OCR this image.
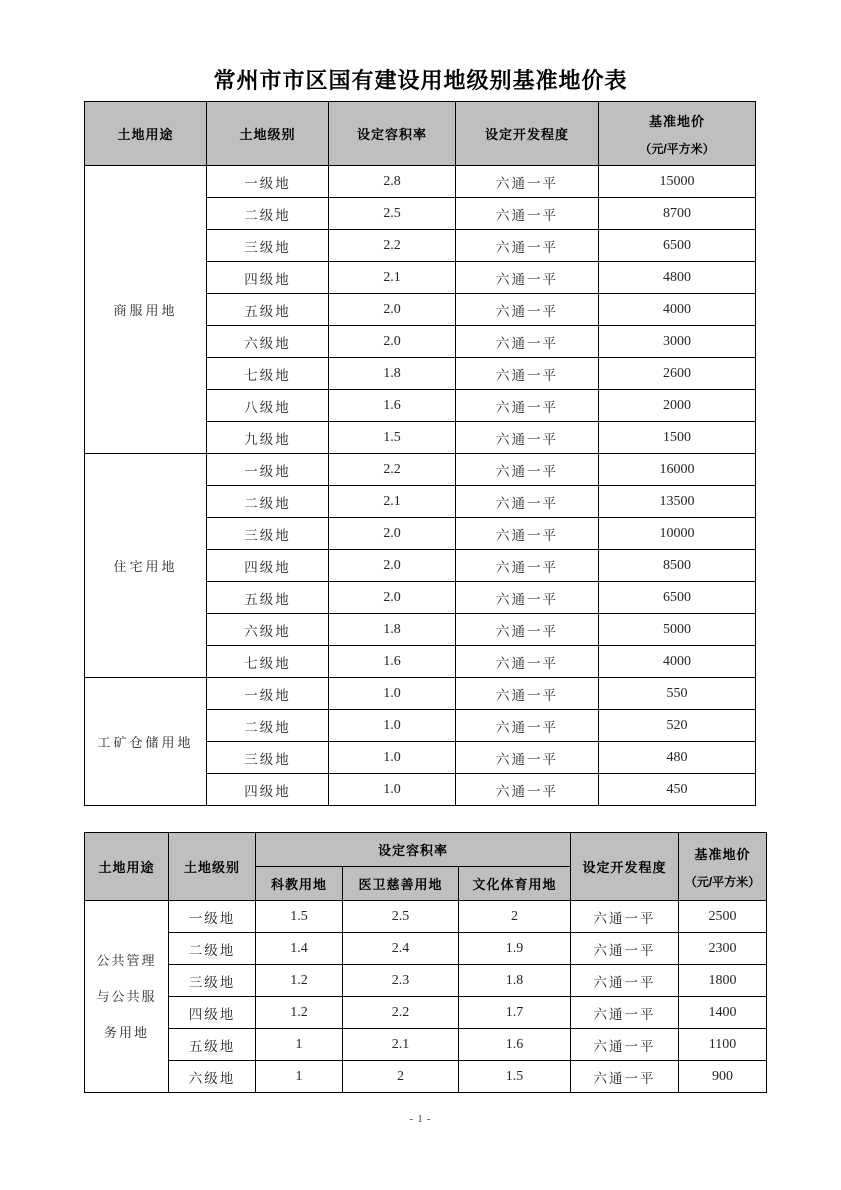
常州市市区国有建设用地级别基准地价表
土地用途	土地级别	设定容积率	设定开发程度	基准地价
（元/平方米）

商服用地	一级地	2.8	六通一平	15000
	二级地	2.5	六通一平	8700
	三级地	2.2	六通一平	6500
	四级地	2.1	六通一平	4800
	五级地	2.0	六通一平	4000
	六级地	2.0	六通一平	3000
	七级地	1.8	六通一平	2600
	八级地	1.6	六通一平	2000
	九级地	1.5	六通一平	1500
住宅用地	一级地	2.2	六通一平	16000
	二级地	2.1	六通一平	13500
	三级地	2.0	六通一平	10000
	四级地	2.0	六通一平	8500
	五级地	2.0	六通一平	6500
	六级地	1.8	六通一平	5000
	七级地	1.6	六通一平	4000
工矿仓储用地	一级地	1.0	六通一平	550
	二级地	1.0	六通一平	520
	三级地	1.0	六通一平	480
	四级地	1.0	六通一平	450
土地用途	土地级别	设定容积率			设定开发程度	基准地价
（元/平方米）

		科教用地	医卫慈善用地	文化体育用地		
公共管理与公共服务用地	一级地	1.5	2.5	2	六通一平	2500
	二级地	1.4	2.4	1.9	六通一平	2300
	三级地	1.2	2.3	1.8	六通一平	1800
	四级地	1.2	2.2	1.7	六通一平	1400
	五级地	1	2.1	1.6	六通一平	1100
	六级地	1	2	1.5	六通一平	900
- 1 -
